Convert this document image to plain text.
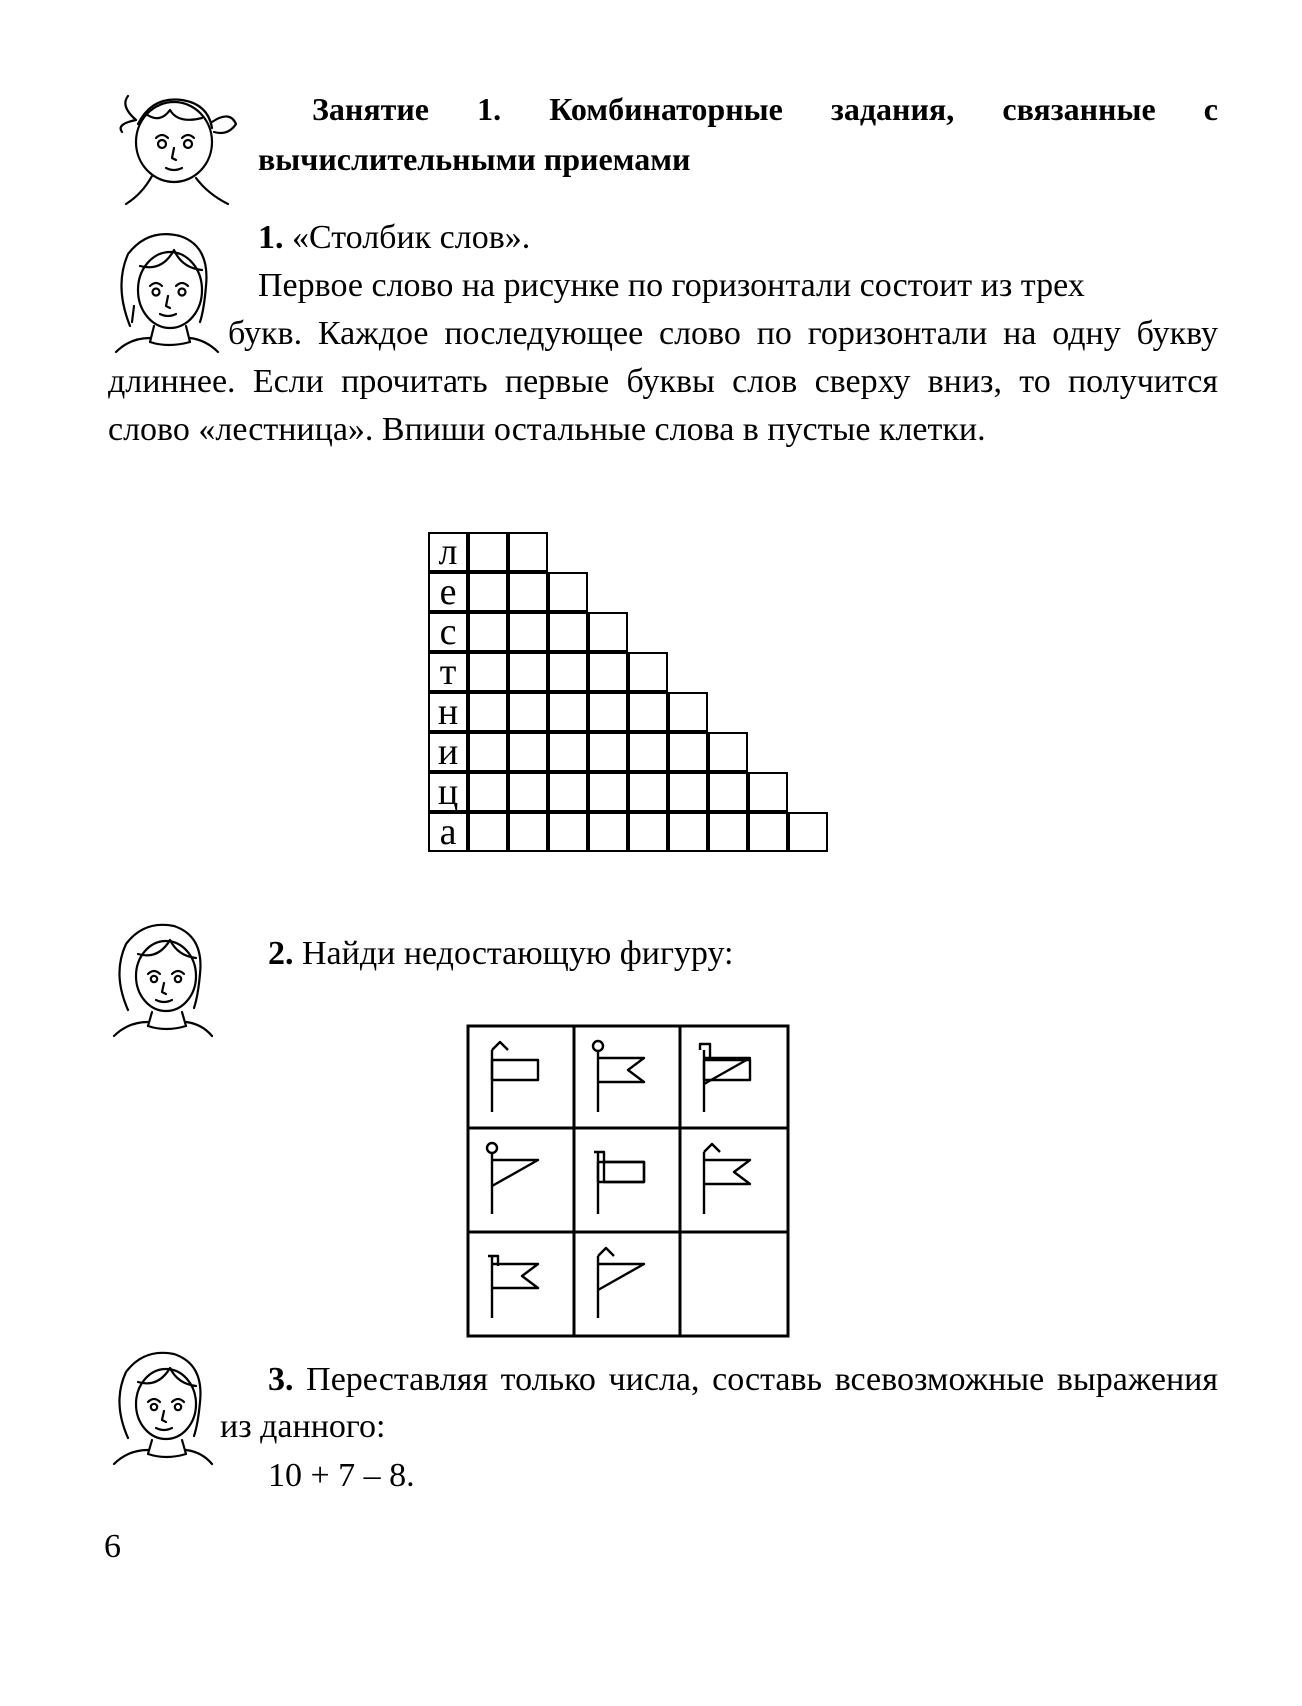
Занятие 1. Комбинаторные задания, связанные с вычислительными приемами

1. «Столбик слов».

Первое слово на рисунке по горизонтали состоит из трех

букв. Каждое последующее слово по горизонтали на одну букву длиннее. Если прочитать первые буквы слов сверху вниз, то получится слово «лестница». Впиши остальные слова в пустые клетки.

л
е
с
т
н
и
ц
а
2. Найди недостающую фигуру:
3. Переставляя только числа, составь всевозможные выражения из данного:
10 + 7 – 8.
6
